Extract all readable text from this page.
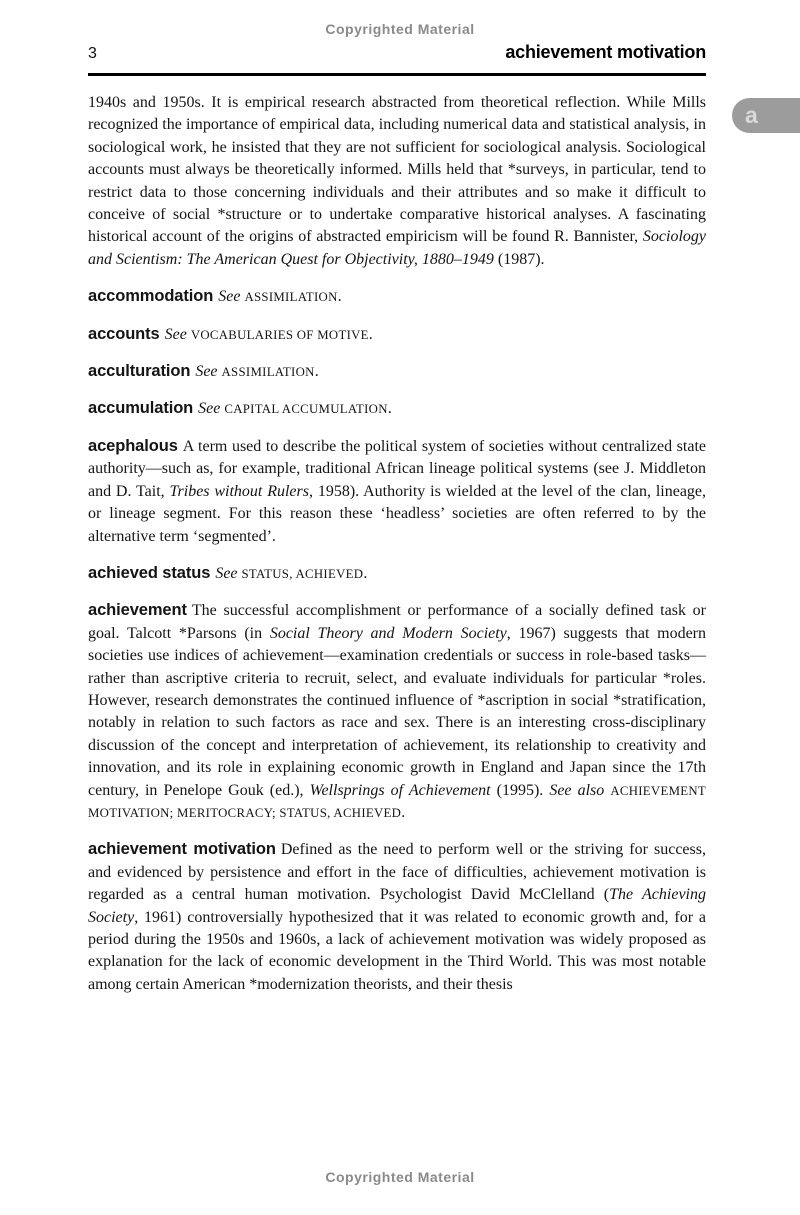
Copyrighted Material
3	achievement motivation
a

1940s and 1950s. It is empirical research abstracted from theoretical reflection. While Mills recognized the importance of empirical data, including numerical data and statistical analysis, in sociological work, he insisted that they are not sufficient for sociological analysis. Sociological accounts must always be theoretically informed. Mills held that *surveys, in particular, tend to restrict data to those concerning individuals and their attributes and so make it difficult to conceive of social *structure or to undertake comparative historical analyses. A fascinating historical account of the origins of abstracted empiricism will be found R. Bannister, Sociology and Scientism: The American Quest for Objectivity, 1880–1949 (1987).

accommodation See ASSIMILATION.

accounts See VOCABULARIES OF MOTIVE.

acculturation See ASSIMILATION.

accumulation See CAPITAL ACCUMULATION.

acephalous A term used to describe the political system of societies without centralized state authority—such as, for example, traditional African lineage political systems (see J. Middleton and D. Tait, Tribes without Rulers, 1958). Authority is wielded at the level of the clan, lineage, or lineage segment. For this reason these ‘headless’ societies are often referred to by the alternative term ‘segmented’.

achieved status See STATUS, ACHIEVED.

achievement The successful accomplishment or performance of a socially defined task or goal. Talcott *Parsons (in Social Theory and Modern Society, 1967) suggests that modern societies use indices of achievement—examination credentials or success in role-based tasks—rather than ascriptive criteria to recruit, select, and evaluate individuals for particular *roles. However, research demonstrates the continued influence of *ascription in social *stratification, notably in relation to such factors as race and sex. There is an interesting cross-disciplinary discussion of the concept and interpretation of achievement, its relationship to creativity and innovation, and its role in explaining economic growth in England and Japan since the 17th century, in Penelope Gouk (ed.), Wellsprings of Achievement (1995). See also ACHIEVEMENT MOTIVATION; MERITOCRACY; STATUS, ACHIEVED.

achievement motivation Defined as the need to perform well or the striving for success, and evidenced by persistence and effort in the face of difficulties, achievement motivation is regarded as a central human motivation. Psychologist David McClelland (The Achieving Society, 1961) controversially hypothesized that it was related to economic growth and, for a period during the 1950s and 1960s, a lack of achievement motivation was widely proposed as explanation for the lack of economic development in the Third World. This was most notable among certain American *modernization theorists, and their thesis

Copyrighted Material
